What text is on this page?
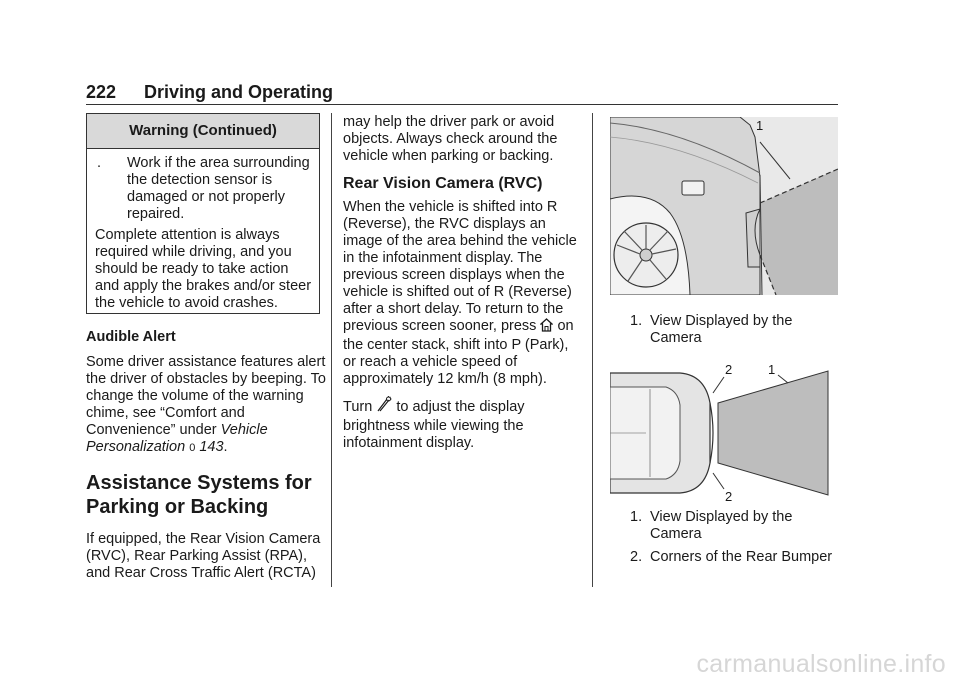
222 Driving and Operating
Warning (Continued)
. Work if the area surrounding the detection sensor is damaged or not properly repaired.
Complete attention is always required while driving, and you should be ready to take action and apply the brakes and/or steer the vehicle to avoid crashes.

Audible Alert

Some driver assistance features alert the driver of obstacles by beeping. To change the volume of the warning chime, see “Comfort and Convenience” under Vehicle Personalization 0 143.

Assistance Systems for Parking or Backing

If equipped, the Rear Vision Camera (RVC), Rear Parking Assist (RPA), and Rear Cross Traffic Alert (RCTA)

may help the driver park or avoid objects. Always check around the vehicle when parking or backing.

Rear Vision Camera (RVC)

When the vehicle is shifted into R (Reverse), the RVC displays an image of the area behind the vehicle in the infotainment display. The previous screen displays when the vehicle is shifted out of R (Reverse) after a short delay. To return to the previous screen sooner, press  on the center stack, shift into P (Park), or reach a vehicle speed of approximately 12 km/h (8 mph).

Turn  to adjust the display brightness while viewing the infotainment display.

1
1. View Displayed by the Camera
2	1
2
1. View Displayed by the Camera
2. Corners of the Rear Bumper
carmanualsonline.info
